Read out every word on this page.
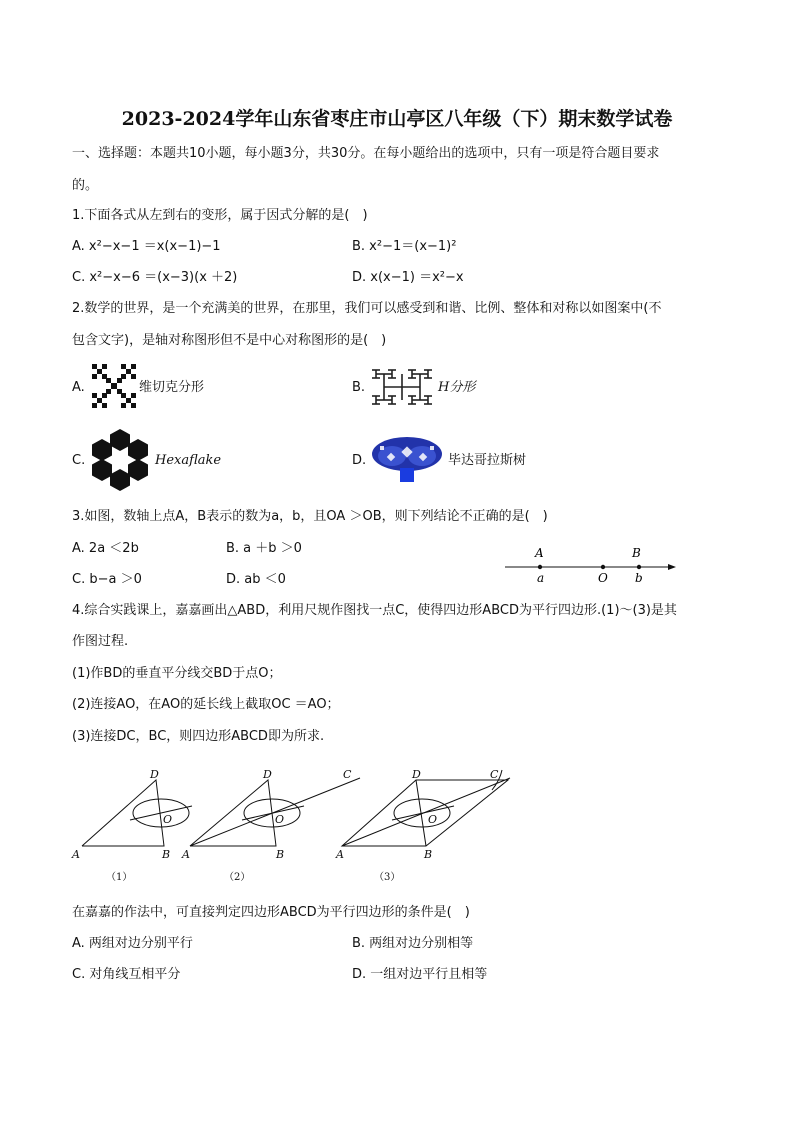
2023-2024学年山东省枣庄市山亭区八年级（下）期末数学试卷
一、选择题：本题共10小题，每小题3分，共30分。在每小题给出的选项中，只有一项是符合题目要求
的。
1.下面各式从左到右的变形，属于因式分解的是(　)
A. x²−x−1 ＝x(x−1)−1	B. x²−1＝(x−1)²
C. x²−x−6 ＝(x−3)(x ＋2)	D. x(x−1) ＝x²−x
2.数学的世界，是一个充满美的世界，在那里，我们可以感受到和谐、比例、整体和对称以如图案中(不
包含文字)，是轴对称图形但不是中心对称图形的是(　)
A.	维切克分形	B.	H分形
C.	Hexaflake	D.	毕达哥拉斯树
3.如图，数轴上点A，B表示的数为a，b，且OA ＞OB，则下列结论不正确的是(　)
A. 2a ＜2b	B. a ＋b ＞0
C. b−a ＞0	D. ab ＜0
A	B
a	O b
4.综合实践课上，嘉嘉画出△ABD，利用尺规作图找一点C，使得四边形ABCD为平行四边形.(1)～(3)是其
作图过程.
(1)作BD的垂直平分线交BD于点O；
(2)连接AO，在AO的延长线上截取OC ＝AO；
(3)连接DC，BC，则四边形ABCD即为所求.
A	B
D
O
A	B
D
O
C
A	B
D
O
C
（1）	（2）	（3）
在嘉嘉的作法中，可直接判定四边形ABCD为平行四边形的条件是(　)
A. 两组对边分别平行	B. 两组对边分别相等
C. 对角线互相平分	D. 一组对边平行且相等
